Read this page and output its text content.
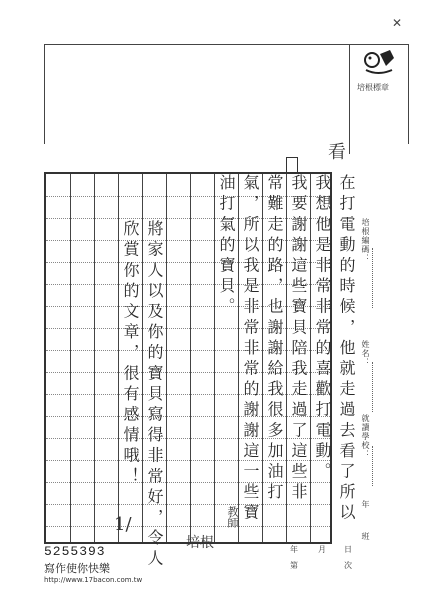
培根標章
✕
看
在打電動的時候，他就走過去看了所以
我想他是非常非常的喜歡打電動。
我要謝謝這些寶貝陪我走過了這些非
常難走的路，也謝謝給我很多加油打
氣，所以我是非常非常的謝謝這一些寶
油打氣的寶貝。
將家人以及你的寶貝寫得非常好，令人
欣賞你的文章，很有感情哦！
1/
培根
教師
培根編碼：
姓名：
就讀學校：
年
班
年	月 日
第	次
5255393
寫作使你快樂
http://www.17bacon.com.tw
